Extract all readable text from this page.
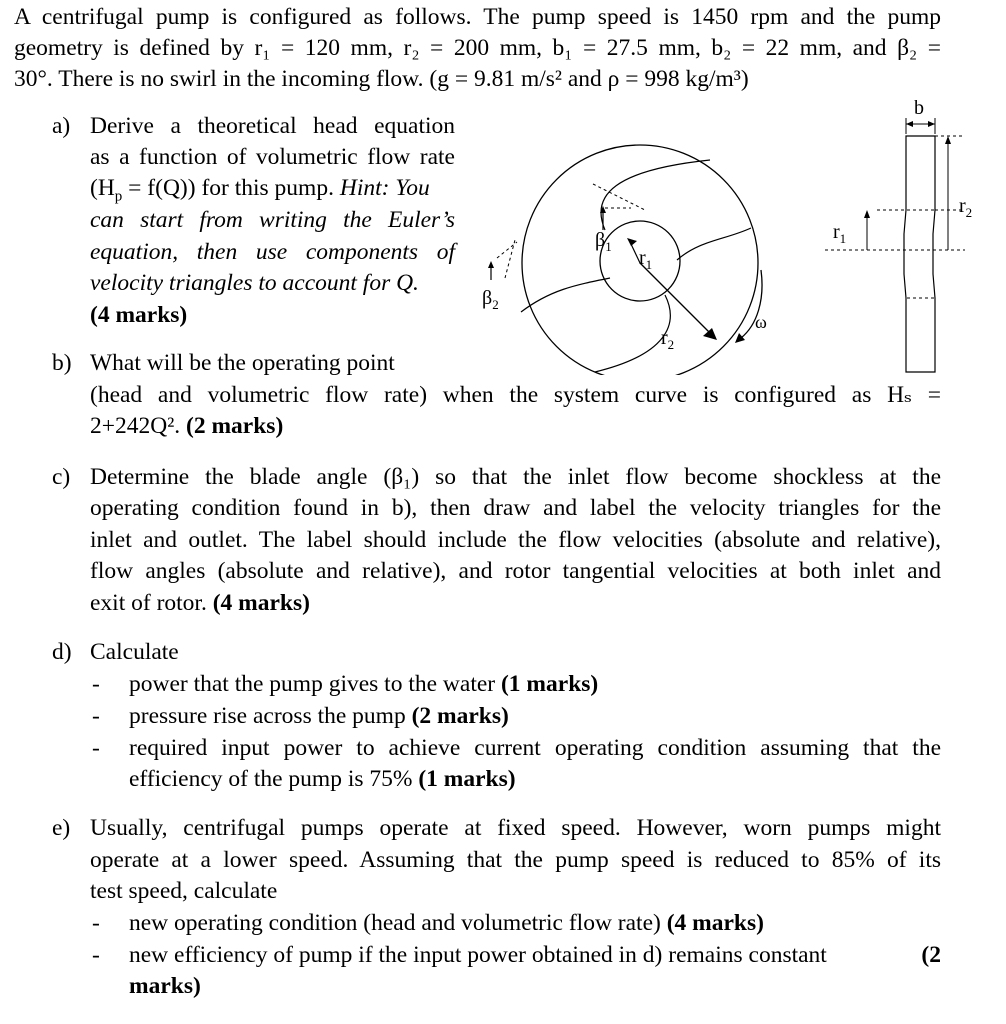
A centrifugal pump is configured as follows. The pump speed is 1450 rpm and the pump
geometry is defined by r₁ = 120 mm, r₂ = 200 mm, b₁ = 27.5 mm, b₂ = 22 mm, and β₂ =
30°. There is no swirl in the incoming flow. (g = 9.81 m/s² and ρ = 998 kg/m³)
a) Derive a theoretical head equation
as a function of volumetric flow rate
$(H_p = f(Q))$ for this pump. Hint: You
can start from writing the Euler’s
equation, then use components of
velocity triangles to account for Q.
(4 marks)
b) What will be the operating point
(head and volumetric flow rate) when the system curve is configured as Hₛ =
2+242Q². (2 marks)
c) Determine the blade angle (β₁) so that the inlet flow become shockless at the
operating condition found in b), then draw and label the velocity triangles for the
inlet and outlet. The label should include the flow velocities (absolute and relative),
flow angles (absolute and relative), and rotor tangential velocities at both inlet and
exit of rotor. (4 marks)
d) Calculate
- power that the pump gives to the water (1 marks)
- pressure rise across the pump (2 marks)
- required input power to achieve current operating condition assuming that the
efficiency of the pump is 75% (1 marks)
e) Usually, centrifugal pumps operate at fixed speed. However, worn pumps might
operate at a lower speed. Assuming that the pump speed is reduced to 85% of its
test speed, calculate
- new operating condition (head and volumetric flow rate) (4 marks)
- new efficiency of pump if the input power obtained in d) remains constant	(2
marks)
$\beta_1$
$r_1$
$r_2$
$\beta_2$
ω
b
$r_1$
$r_2$
